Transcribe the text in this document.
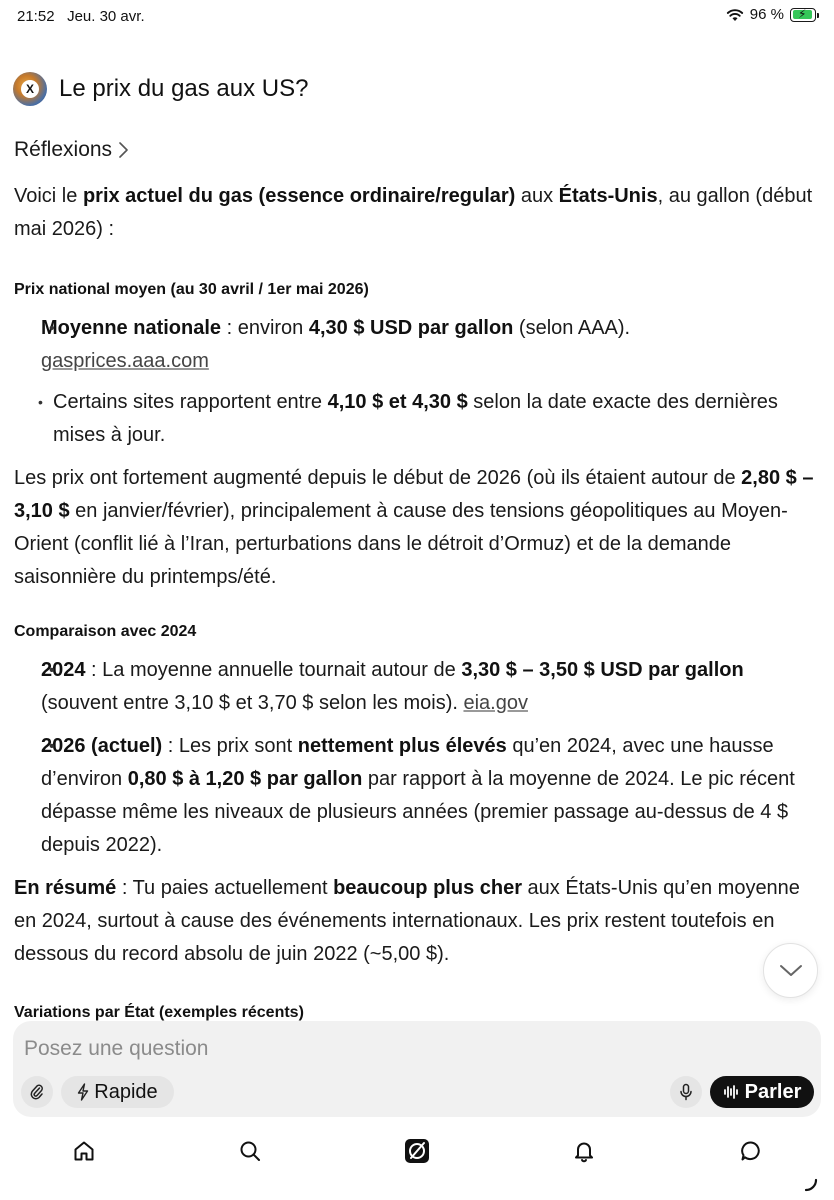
21:52 Jeu. 30 avr.	96 % ⚡
X Le prix du gas aux US?
Réflexions

Voici le prix actuel du gas (essence ordinaire/regular) aux États-Unis, au gallon (début mai 2026) :

Prix national moyen (au 30 avril / 1er mai 2026)
• Moyenne nationale : environ 4,30 $ USD par gallon (selon AAA).
gasprices.aaa.com
• Certains sites rapportent entre 4,10 $ et 4,30 $ selon la date exacte des dernières mises à jour.

Les prix ont fortement augmenté depuis le début de 2026 (où ils étaient autour de 2,80 $ – 3,10 $ en janvier/février), principalement à cause des tensions géopolitiques au Moyen-Orient (conflit lié à l’Iran, perturbations dans le détroit d’Ormuz) et de la demande saisonnière du printemps/été.

Comparaison avec 2024
• 2024 : La moyenne annuelle tournait autour de 3,30 $ – 3,50 $ USD par gallon (souvent entre 3,10 $ et 3,70 $ selon les mois). eia.gov
• 2026 (actuel) : Les prix sont nettement plus élevés qu’en 2024, avec une hausse d’environ 0,80 $ à 1,20 $ par gallon par rapport à la moyenne de 2024. Le pic récent dépasse même les niveaux de plusieurs années (premier passage au-dessus de 4 $ depuis 2022).

En résumé : Tu paies actuellement beaucoup plus cher aux États-Unis qu’en moyenne en 2024, surtout à cause des événements internationaux. Les prix restent toutefois en dessous du record absolu de juin 2022 (~5,00 $).

Variations par État (exemples récents)
Posez une question
Rapide	Parler
